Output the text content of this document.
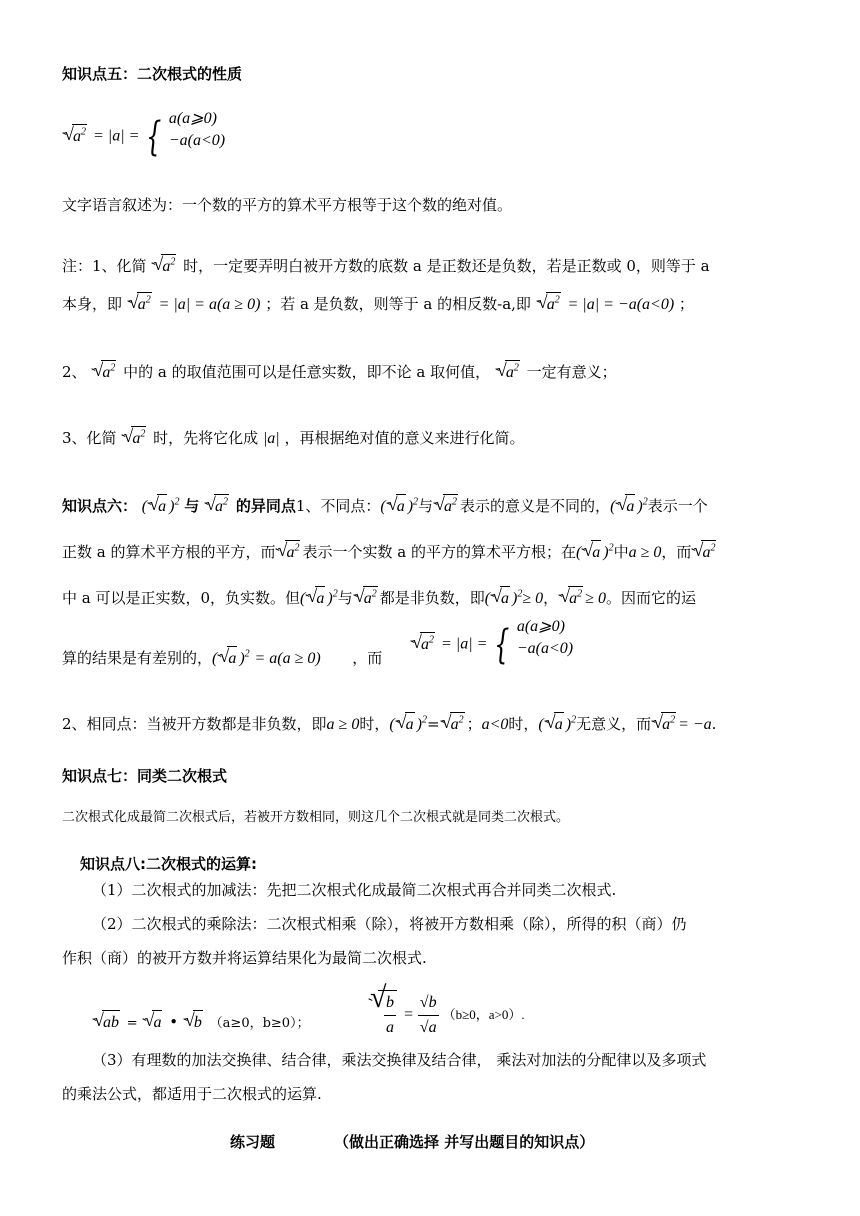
知识点五：二次根式的性质
√ $a^2 = |a|$ = { a(a⩾0)
−a(a<0)
文字语言叙述为：一个数的平方的算术平方根等于这个数的绝对值。
注：1、化简 √ $a^2$ 时，一定要弄明白被开方数的底数 a 是正数还是负数，若是正数或 0，则等于 a
本身，即 √ $a^2 = |a| = a(a \ge 0)$ ；若 a 是负数，则等于 a 的相反数-a,即 √ $a^2 = |a| = -a(a<0)$ ；
2、 √ $a^2$ 中的 a 的取值范围可以是任意实数，即不论 a 取何值， √ $a^2$ 一定有意义；
3、化简 √ $a^2$ 时，先将它化成 |a| ，再根据绝对值的意义来进行化简。
知识点六： ( √ a )$^2$ 与 √ $a^2$ 的异同点1、不同点：( √ a )$^2$与 √ $a^2$ 表示的意义是不同的，( √ a )$^2$表示一个
正数 a 的算术平方根的平方，而 √ $a^2$ 表示一个实数 a 的平方的算术平方根；在( √ a )$^2$中a ≥ 0，而 √ $a^2$
中 a 可以是正实数，0，负实数。但( √ a )$^2$与 √ $a^2$ 都是非负数，即( √ a )$^2$≥ 0， √ $a^2 \ge 0$。因而它的运
算的结果是有差别的，( √ a )$^2$ = a(a ≥ 0) ，而
√ $a^2 = |a|$ = { a(a⩾0)
−a(a<0)
2、相同点：当被开方数都是非负数，即a ≥ 0时，( √ a )$^2$= √ $a^2$ ；a<0时，( √ a )$^2$无意义，而 √ $a^2 = -a$.
知识点七：同类二次根式
二次根式化成最简二次根式后，若被开方数相同，则这几个二次根式就是同类二次根式。
知识点八:二次根式的运算:
（1）二次根式的加减法：先把二次根式化成最简二次根式再合并同类二次根式.
（2）二次根式的乘除法：二次根式相乘（除），将被开方数相乘（除），所得的积（商）仍
作积（商）的被开方数并将运算结果化为最简二次根式.
√ ab = √ a • √ b （a≥0，b≥0）；
√
$\frac{b}{a} = \frac{√b}{√a} (b\ge 0$，a>0）.
（3）有理数的加法交换律、结合律，乘法交换律及结合律， 乘法对加法的分配律以及多项式
的乘法公式，都适用于二次根式的运算.
练习题	（做出正确选择 并写出题目的知识点）
